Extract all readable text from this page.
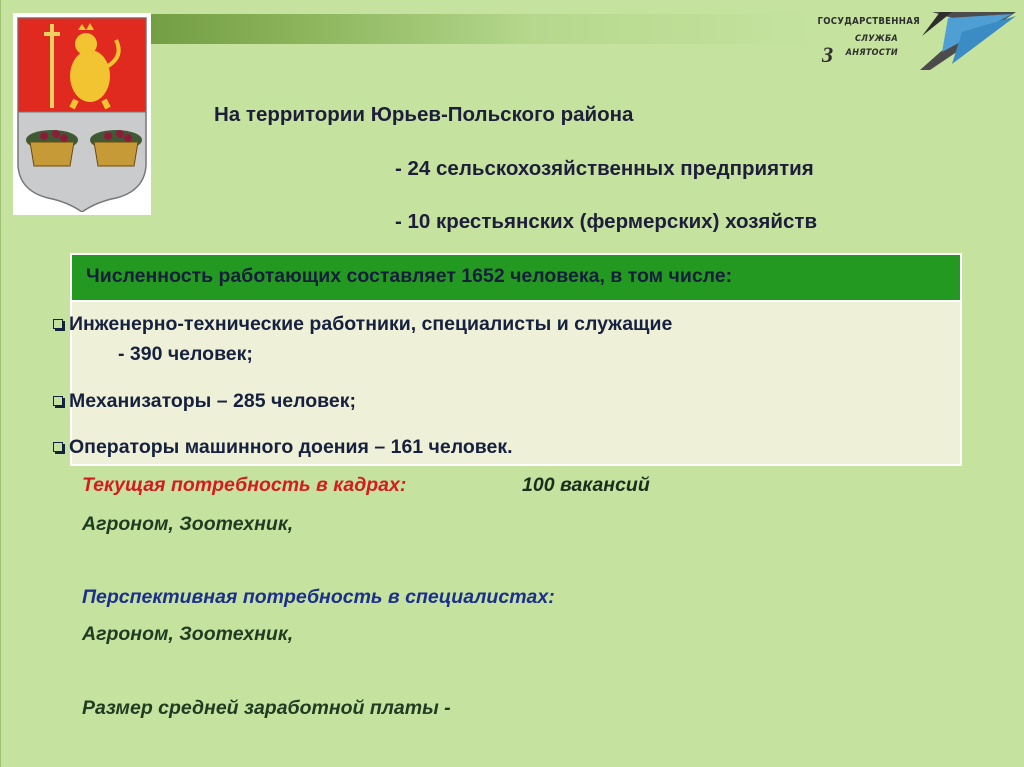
ГОСУДАРСТВЕННАЯ
СЛУЖБА
АНЯТОСТИ
З
На территории Юрьев-Польского района
- 24 сельскохозяйственных предприятия
- 10 крестьянских (фермерских) хозяйств
Численность работающих составляет 1652 человека, в том числе:
Инженерно-технические работники, специалисты и служащие
- 390 человек;
Механизаторы – 285 человек;
Операторы машинного доения – 161 человек.
Текущая потребность в кадрах:	100 вакансий
Агроном, Зоотехник,
Перспективная потребность в специалистах:
Агроном, Зоотехник,
Размер средней заработной платы -
